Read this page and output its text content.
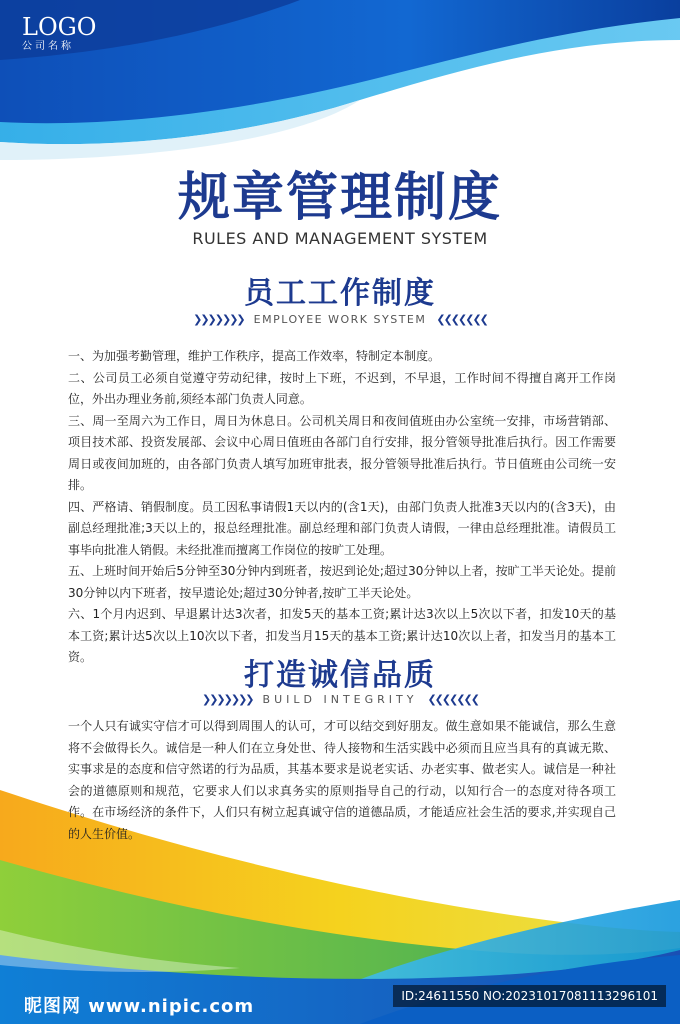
LOGO
公司名称
规章管理制度
RULES AND MANAGEMENT SYSTEM
员工工作制度
❯❯❯❯❯❯❯ EMPLOYEE WORK SYSTEM ❮❮❮❮❮❮❮

一、为加强考勤管理，维护工作秩序，提高工作效率，特制定本制度。

二、公司员工必须自觉遵守劳动纪律，按时上下班，不迟到，不早退，工作时间不得擅自离开工作岗位，外出办理业务前,须经本部门负责人同意。

三、周一至周六为工作日，周日为休息日。公司机关周日和夜间值班由办公室统一安排，市场营销部、项目技术部、投资发展部、会议中心周日值班由各部门自行安排，报分管领导批准后执行。因工作需要周日或夜间加班的，由各部门负责人填写加班审批表，报分管领导批准后执行。节日值班由公司统一安排。

四、严格请、销假制度。员工因私事请假1天以内的(含1天)，由部门负责人批准3天以内的(含3天)，由副总经理批准;3天以上的，报总经理批准。副总经理和部门负责人请假，一律由总经理批准。请假员工事毕向批准人销假。未经批准而擅离工作岗位的按旷工处理。

五、上班时间开始后5分钟至30分钟内到班者，按迟到论处;超过30分钟以上者，按旷工半天论处。提前30分钟以内下班者，按早遗论处;超过30分钟者,按旷工半天论处。

六、1个月内迟到、早退累计达3次者，扣发5天的基本工资;累计达3次以上5次以下者，扣发10天的基本工资;累计达5次以上10次以下者，扣发当月15天的基本工资;累计达10次以上者，扣发当月的基本工资。

打造诚信品质
❯❯❯❯❯❯❯ BUILD INTEGRITY ❮❮❮❮❮❮❮

一个人只有诚实守信才可以得到周围人的认可，才可以结交到好朋友。做生意如果不能诚信，那么生意将不会做得长久。诚信是一种人们在立身处世、待人接物和生活实践中必须而且应当具有的真诚无欺、实事求是的态度和信守然诺的行为品质，其基本要求是说老实话、办老实事、做老实人。诚信是一种社会的道德原则和规范，它要求人们以求真务实的原则指导自己的行动，以知行合一的态度对待各项工作。在市场经济的条件下，人们只有树立起真诚守信的道德品质，才能适应社会生活的要求,并实现自己的人生价值。

昵图网 www.nipic.com	ID:24611550 NO:20231017081113296101
